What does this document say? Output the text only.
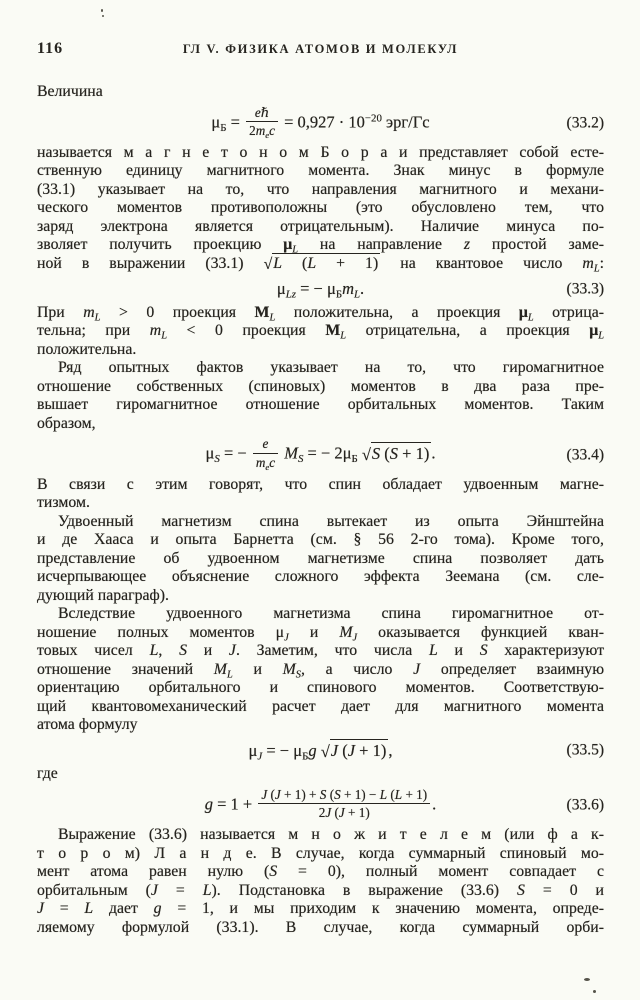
116	ГЛ V. ФИЗИКА АТОМОВ И МОЛЕКУЛ
Величина
$\mu_Б$ = eℏ
$2m_ec = 0,927 \cdot 10^{-20}$ эрг/Гс	(33.2)
называется м а г н е т о н о м Б о р а и представляет собой есте-
ственную единицу магнитного момента. Знак минус в формуле
(33.1) указывает на то, что направления магнитного и механи-
ческого моментов противоположны (это обусловлено тем, что
заряд электрона является отрицательным). Наличие минуса по-
зволяет получить проекцию $\mu_L$ на направление z простой заме-
ной в выражении (33.1) √L (L + 1) на квантовое число $m_L$:
$\mu_{Lz}$ = − $\mu_Бm_L$.	(33.3)
При $m_L > 0$ проекция $M_L$ положительна, а проекция $\mu_L$ отрица-
тельна; при $m_L < 0$ проекция $M_L$ отрицательна, а проекция $\mu_L$
положительна.
Ряд опытных фактов указывает на то, что гиромагнитное
отношение собственных (спиновых) моментов в два раза пре-
вышает гиромагнитное отношение орбитальных моментов. Таким
образом,
$\mu_S$ = − e
$m_ec$ $M_S$ = − $2\mu_Б$ √S (S + 1) .	(33.4)
В связи с этим говорят, что спин обладает удвоенным магне-
тизмом.
Удвоенный магнетизм спина вытекает из опыта Эйнштейна
и де Хааса и опыта Барнетта (см. § 56 2-го тома). Кроме того,
представление об удвоенном магнетизме спина позволяет дать
исчерпывающее объяснение сложного эффекта Зеемана (см. сле-
дующий параграф).
Вследствие удвоенного магнетизма спина гиромагнитное от-
ношение полных моментов $\mu_J$ и $M_J$ оказывается функцией кван-
товых чисел L, S и J. Заметим, что числа L и S характеризуют
отношение значений $M_L$ и $M_S$, а число J определяет взаимную
ориентацию орбитального и спинового моментов. Соответствую-
щий квантовомеханический расчет дает для магнитного момента
атома формулу
$\mu_J$ = − $\mu_Бg$ √J (J + 1) ,	(33.5)
где
$g = 1 + \frac{J (J + 1) + S (S + 1) - L (L + 1)}{2J (J + 1)}$ .	(33.6)
Выражение (33.6) называется м н о ж и т е л е м (или ф а к-
т о р о м) Л а н д е. В случае, когда суммарный спиновый мо-
мент атома равен нулю (S = 0), полный момент совпадает с
орбитальным (J = L). Подстановка в выражение (33.6) S = 0 и
J = L дает g = 1, и мы приходим к значению момента, опреде-
ляемому формулой (33.1). В случае, когда суммарный орби-
